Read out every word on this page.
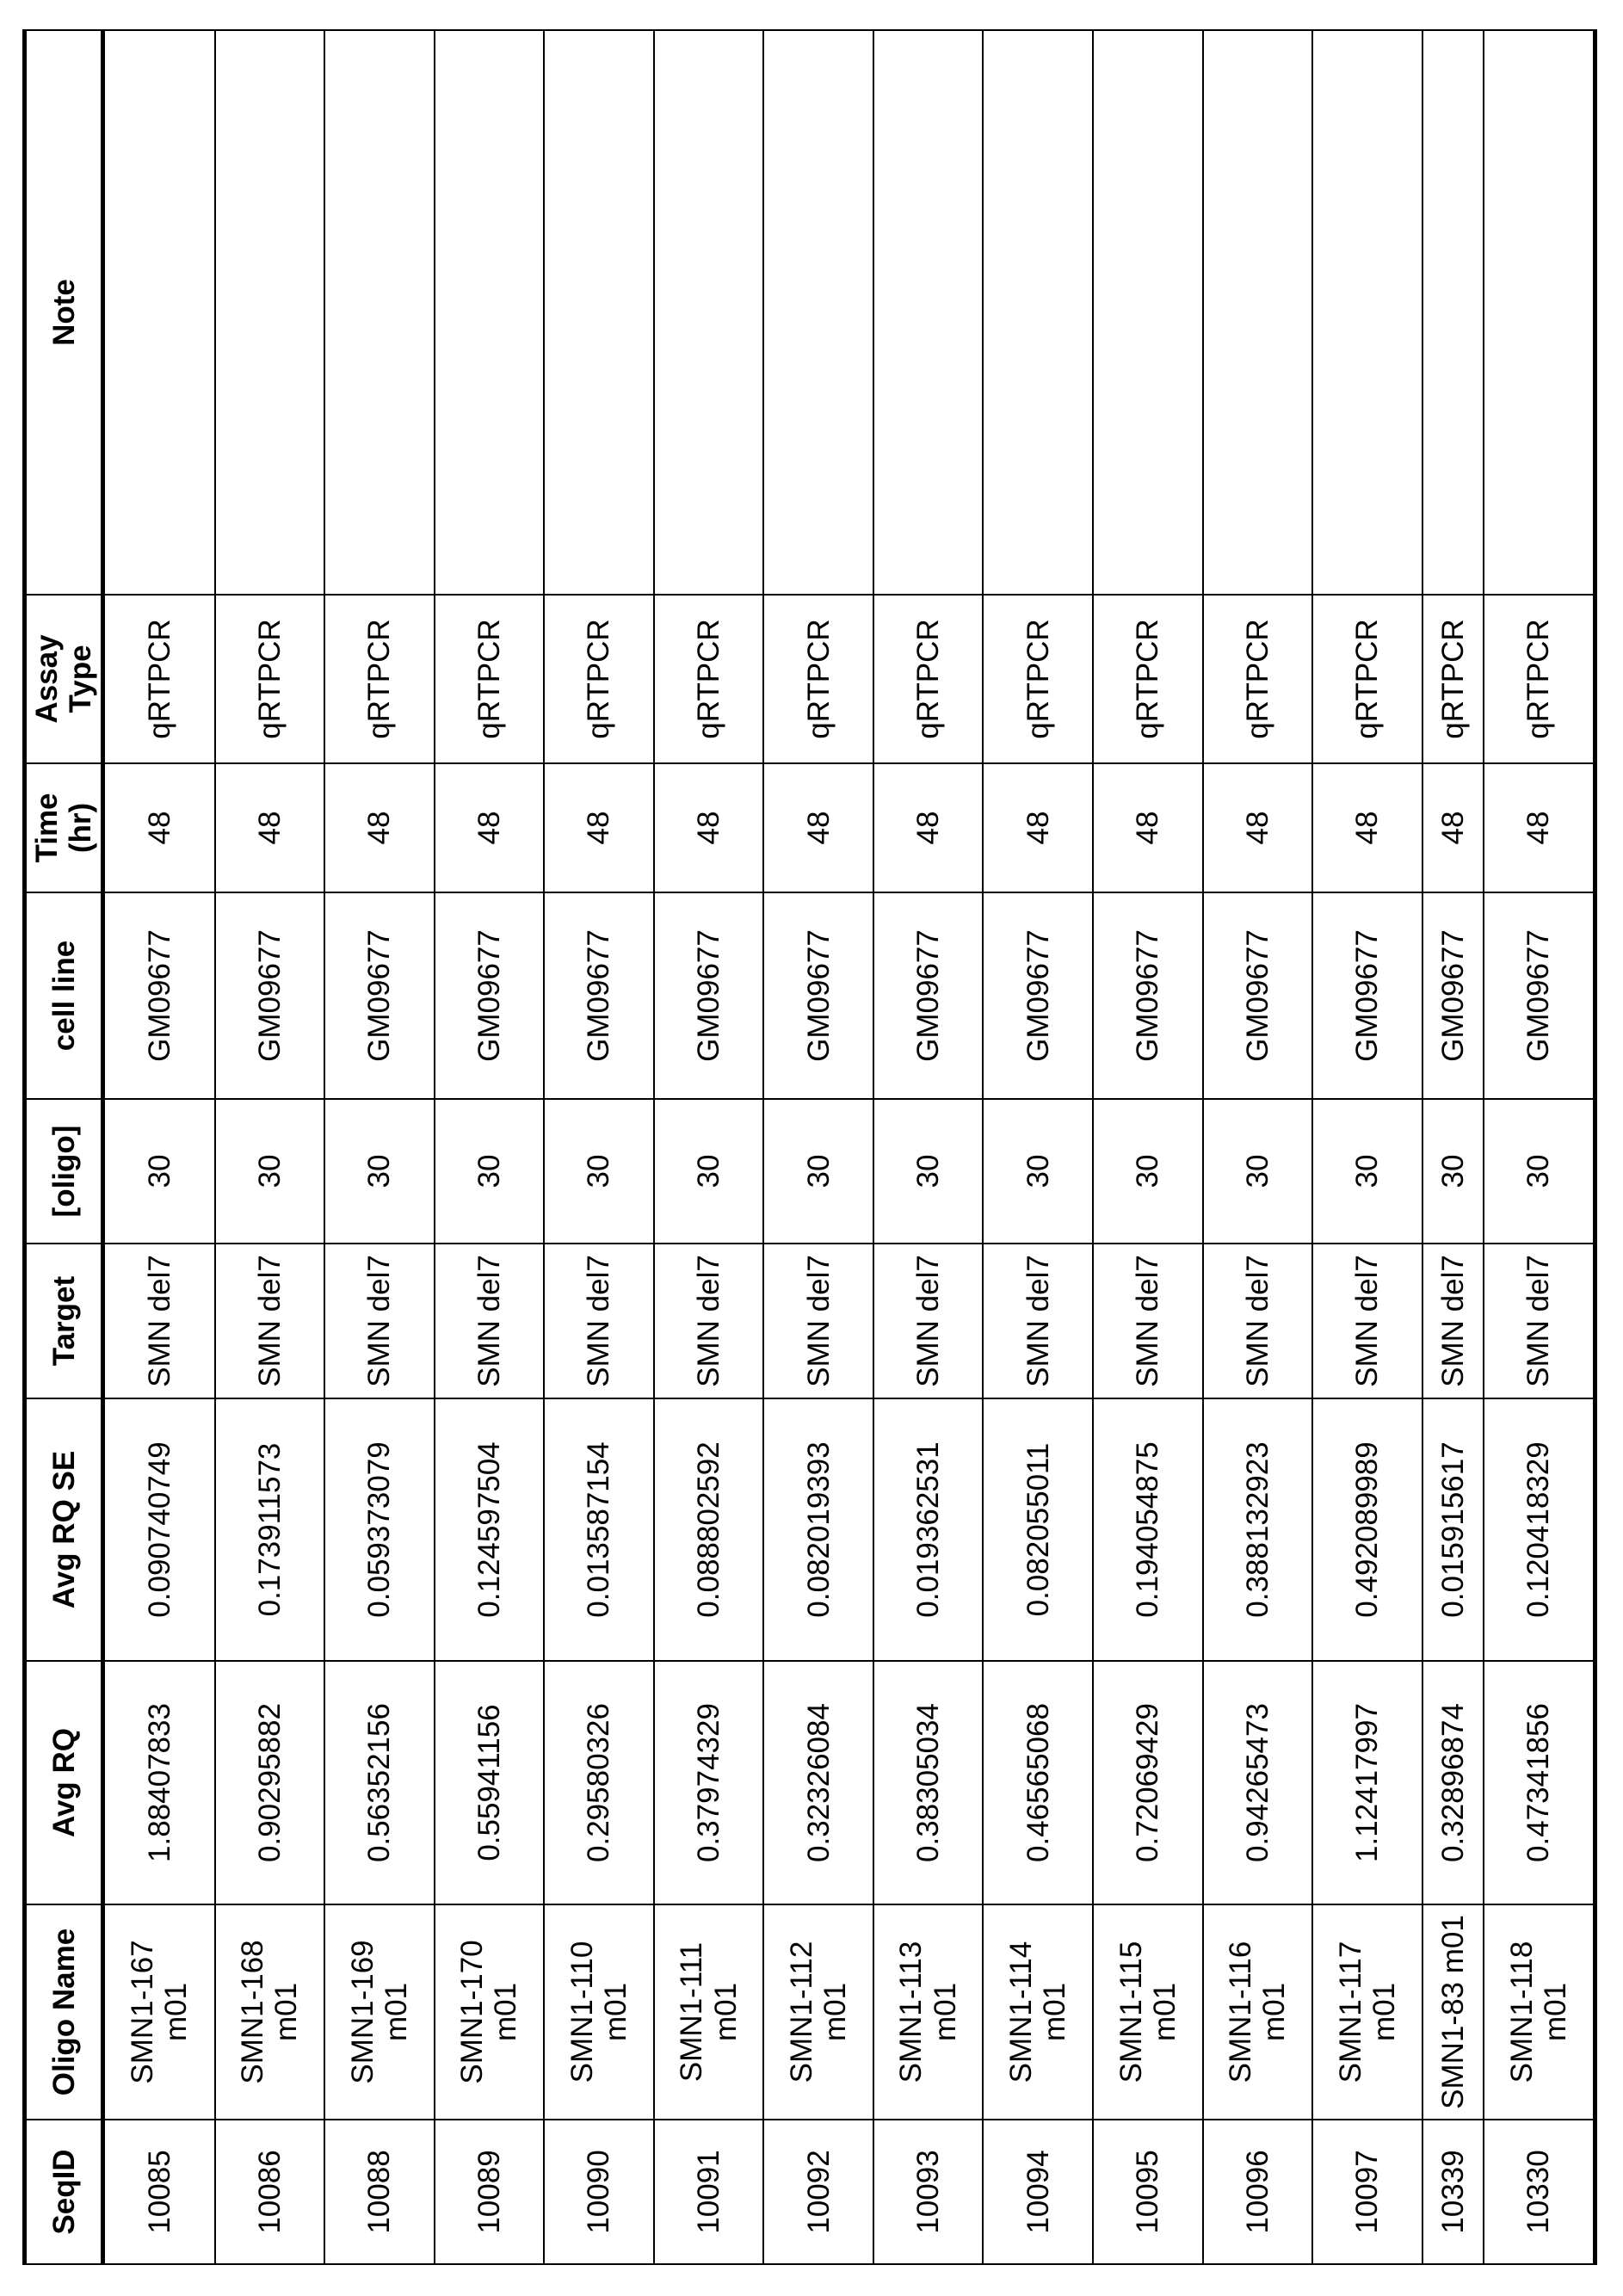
SeqID	Oligo Name	Avg RQ	Avg RQ SE	Target	[oligo]	cell line	Time (hr)	Assay Type	Note
10085	SMN1-167 m01	1.88407833	0.090740749	SMN del7	30	GM09677	48	qRTPCR	
10086	SMN1-168 m01	0.90295882	0.173911573	SMN del7	30	GM09677	48	qRTPCR	
10088	SMN1-169 m01	0.56352156	0.059373079	SMN del7	30	GM09677	48	qRTPCR	
10089	SMN1-170 m01	0.55941156	0.124597504	SMN del7	30	GM09677	48	qRTPCR	
10090	SMN1-110 m01	0.29580326	0.013587154	SMN del7	30	GM09677	48	qRTPCR	
10091	SMN1-111 m01	0.37974329	0.088802592	SMN del7	30	GM09677	48	qRTPCR	
10092	SMN1-112 m01	0.32326084	0.082019393	SMN del7	30	GM09677	48	qRTPCR	
10093	SMN1-113 m01	0.38305034	0.019362531	SMN del7	30	GM09677	48	qRTPCR	
10094	SMN1-114 m01	0.46565068	0.082055011	SMN del7	30	GM09677	48	qRTPCR	
10095	SMN1-115 m01	0.72069429	0.194054875	SMN del7	30	GM09677	48	qRTPCR	
10096	SMN1-116 m01	0.94265473	0.388132923	SMN del7	30	GM09677	48	qRTPCR	
10097	SMN1-117 m01	1.12417997	0.492089989	SMN del7	30	GM09677	48	qRTPCR	
10339	SMN1-83 m01	0.32896874	0.015915617	SMN del7	30	GM09677	48	qRTPCR	
10330	SMN1-118 m01	0.47341856	0.120418329	SMN del7	30	GM09677	48	qRTPCR	
